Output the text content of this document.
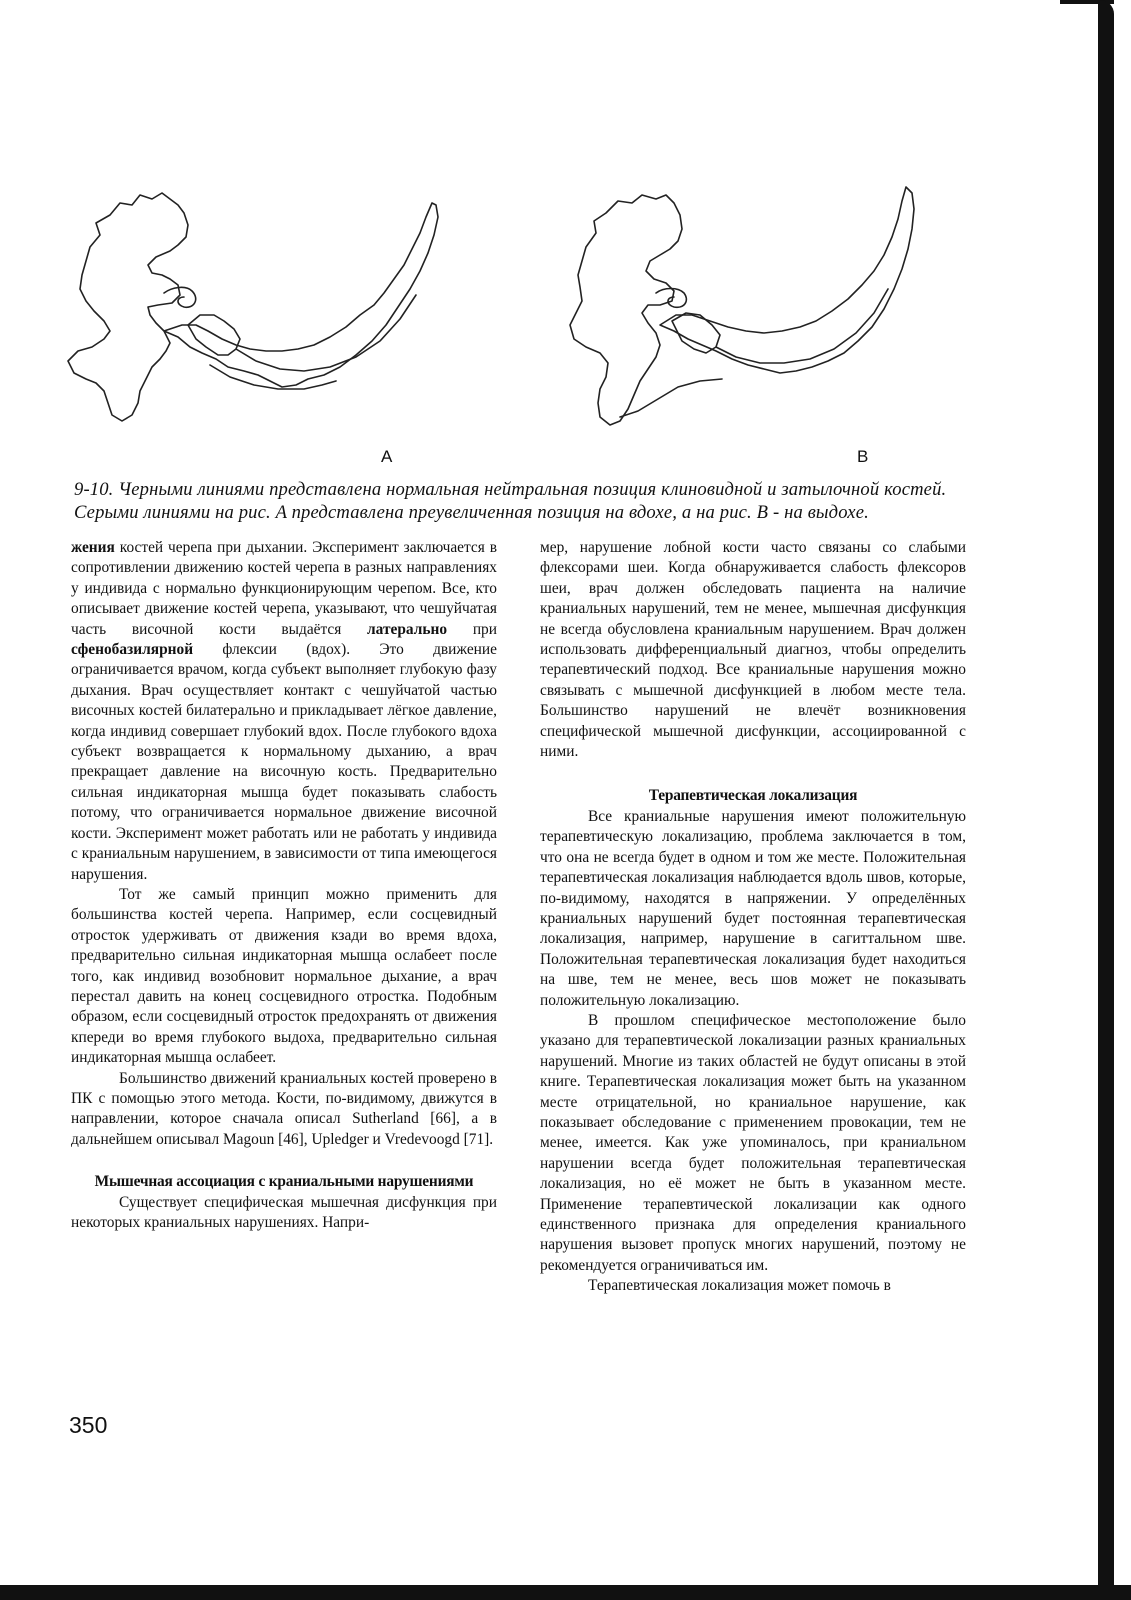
A	B
9-10. Черными линиями представлена нормальная нейтральная позиция клиновидной и затылочной костей. Серыми линиями на рис. A представлена преувеличенная позиция на вдохе, а на рис. B - на выдохе.

жения костей черепа при дыхании. Эксперимент заключается в сопротивлении движению костей черепа в разных направлениях у индивида с нормально функционирующим черепом. Все, кто описывает движение костей черепа, указывают, что чешуйчатая часть височной кости выдаётся латерально при сфенобазилярной флексии (вдох). Это движение ограничивается врачом, когда субъект выполняет глубокую фазу дыхания. Врач осуществляет контакт с чешуйчатой частью височных костей билатерально и прикладывает лёгкое давление, когда индивид совершает глубокий вдох. После глубокого вдоха субъект возвращается к нормальному дыханию, а врач прекращает давление на височную кость. Предварительно сильная индикаторная мышца будет показывать слабость потому, что ограничивается нормальное движение височной кости. Эксперимент может работать или не работать у индивида с краниальным нарушением, в зависимости от типа имеющегося нарушения.

Тот же самый принцип можно применить для большинства костей черепа. Например, если сосцевидный отросток удерживать от движения кзади во время вдоха, предварительно сильная индикаторная мышца ослабеет после того, как индивид возобновит нормальное дыхание, а врач перестал давить на конец сосцевидного отростка. Подобным образом, если сосцевидный отросток предохранять от движения кпереди во время глубокого выдоха, предварительно сильная индикаторная мышца ослабеет.

Большинство движений краниальных костей проверено в ПК с помощью этого метода. Кости, по-видимому, движутся в направлении, которое сначала описал Sutherland [66], а в дальнейшем описывал Magoun [46], Upledger и Vredevoogd [71].

Мышечная ассоциация с краниальными нарушениями

Существует специфическая мышечная дисфункция при некоторых краниальных нарушениях. Напри-

мер, нарушение лобной кости часто связаны со слабыми флексорами шеи. Когда обнаруживается слабость флексоров шеи, врач должен обследовать пациента на наличие краниальных нарушений, тем не менее, мышечная дисфункция не всегда обусловлена краниальным нарушением. Врач должен использовать дифференциальный диагноз, чтобы определить терапевтический подход. Все краниальные нарушения можно связывать с мышечной дисфункцией в любом месте тела. Большинство нарушений не влечёт возникновения специфической мышечной дисфункции, ассоциированной с ними.

Терапевтическая локализация

Все краниальные нарушения имеют положительную терапевтическую локализацию, проблема заключается в том, что она не всегда будет в одном и том же месте. Положительная терапевтическая локализация наблюдается вдоль швов, которые, по-видимому, находятся в напряжении. У определённых краниальных нарушений будет постоянная терапевтическая локализация, например, нарушение в сагиттальном шве. Положительная терапевтическая локализация будет находиться на шве, тем не менее, весь шов может не показывать положительную локализацию.

В прошлом специфическое местоположение было указано для терапевтической локализации разных краниальных нарушений. Многие из таких областей не будут описаны в этой книге. Терапевтическая локализация может быть на указанном месте отрицательной, но краниальное нарушение, как показывает обследование с применением провокации, тем не менее, имеется. Как уже упоминалось, при краниальном нарушении всегда будет положительная терапевтическая локализация, но её может не быть в указанном месте. Применение терапевтической локализации как одного единственного признака для определения краниального нарушения вызовет пропуск многих нарушений, поэтому не рекомендуется ограничиваться им.

Терапевтическая локализация может помочь в

350
